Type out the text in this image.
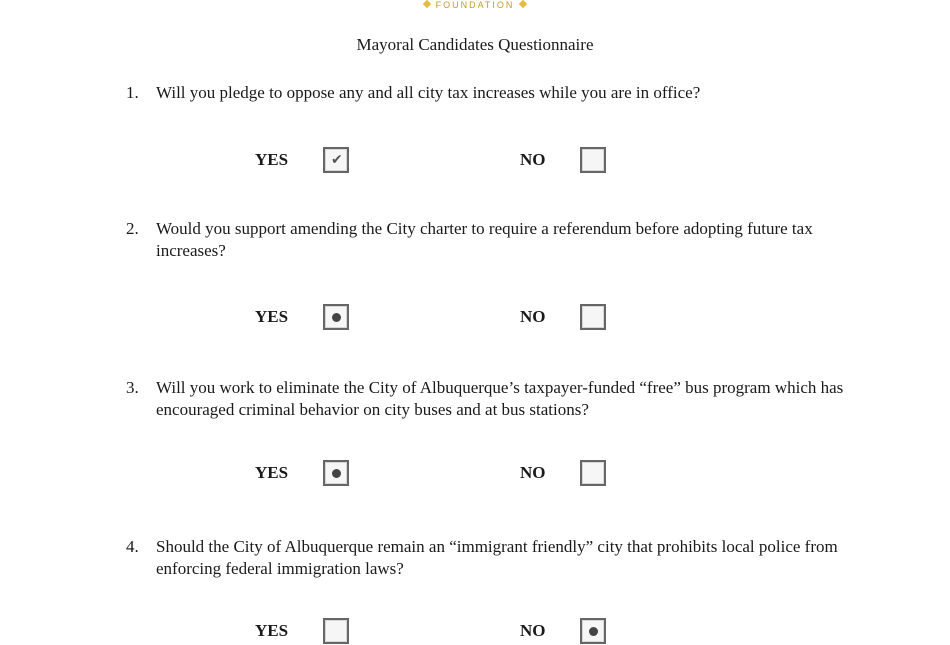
FOUNDATION
Mayoral Candidates Questionnaire
1. Will you pledge to oppose any and all city tax increases while you are in office?
YES
✔	NO
2. Would you support amending the City charter to require a referendum before adopting future tax increases?
YES	NO
3. Will you work to eliminate the City of Albuquerque’s taxpayer-funded “free” bus program which has encouraged criminal behavior on city buses and at bus stations?
YES	NO
4. Should the City of Albuquerque remain an “immigrant friendly” city that prohibits local police from enforcing federal immigration laws?
YES	NO
